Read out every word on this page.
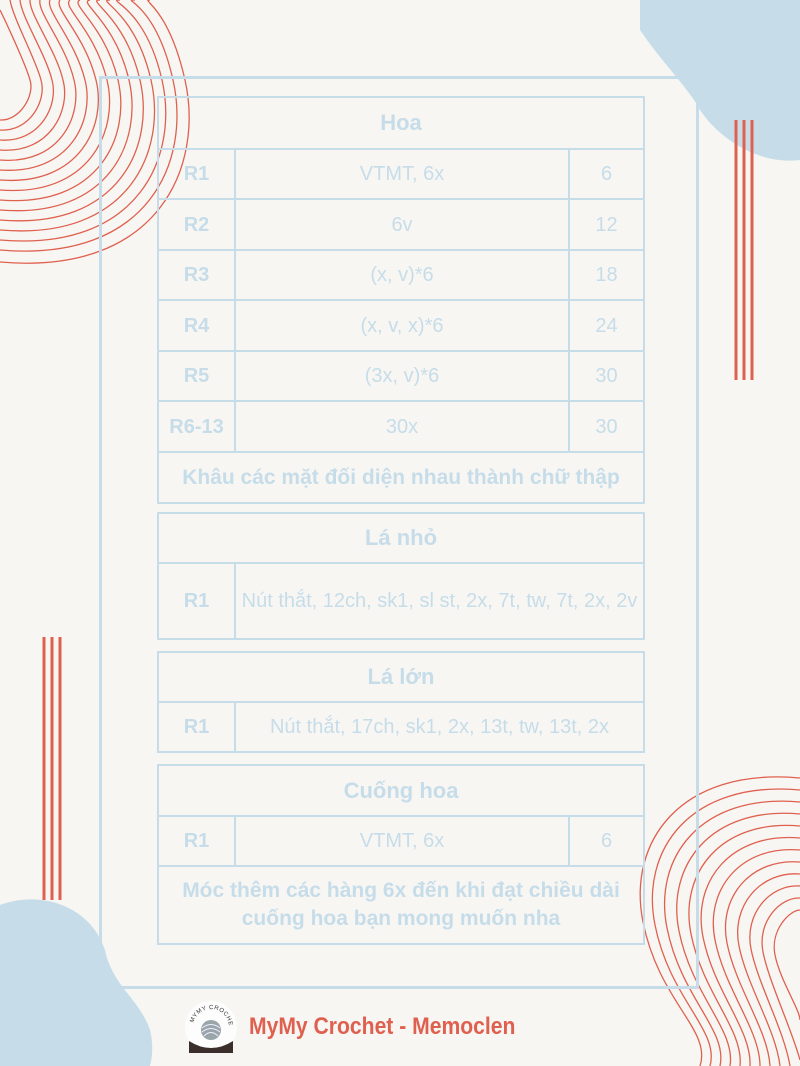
Hoa		
R1	VTMT, 6x	6
R2	6v	12
R3	(x, v)*6	18
R4	(x, v, x)*6	24
R5	(3x, v)*6	30
R6-13	30x	30
Khâu các mặt đối diện nhau thành chữ thập		
Lá nhỏ
R1	Nút thắt, 12ch, sk1, sl st, 2x, 7t, tw, 7t, 2x, 2v
Lá lớn
R1	Nút thắt, 17ch, sk1, 2x, 13t, tw, 13t, 2x
Cuống hoa
R1	VTMT, 6x	6
Móc thêm các hàng 6x đến khi đạt chiều dài cuống hoa bạn mong muốn nha
MYMY CROCHE MyMy Crochet - Memoclen
